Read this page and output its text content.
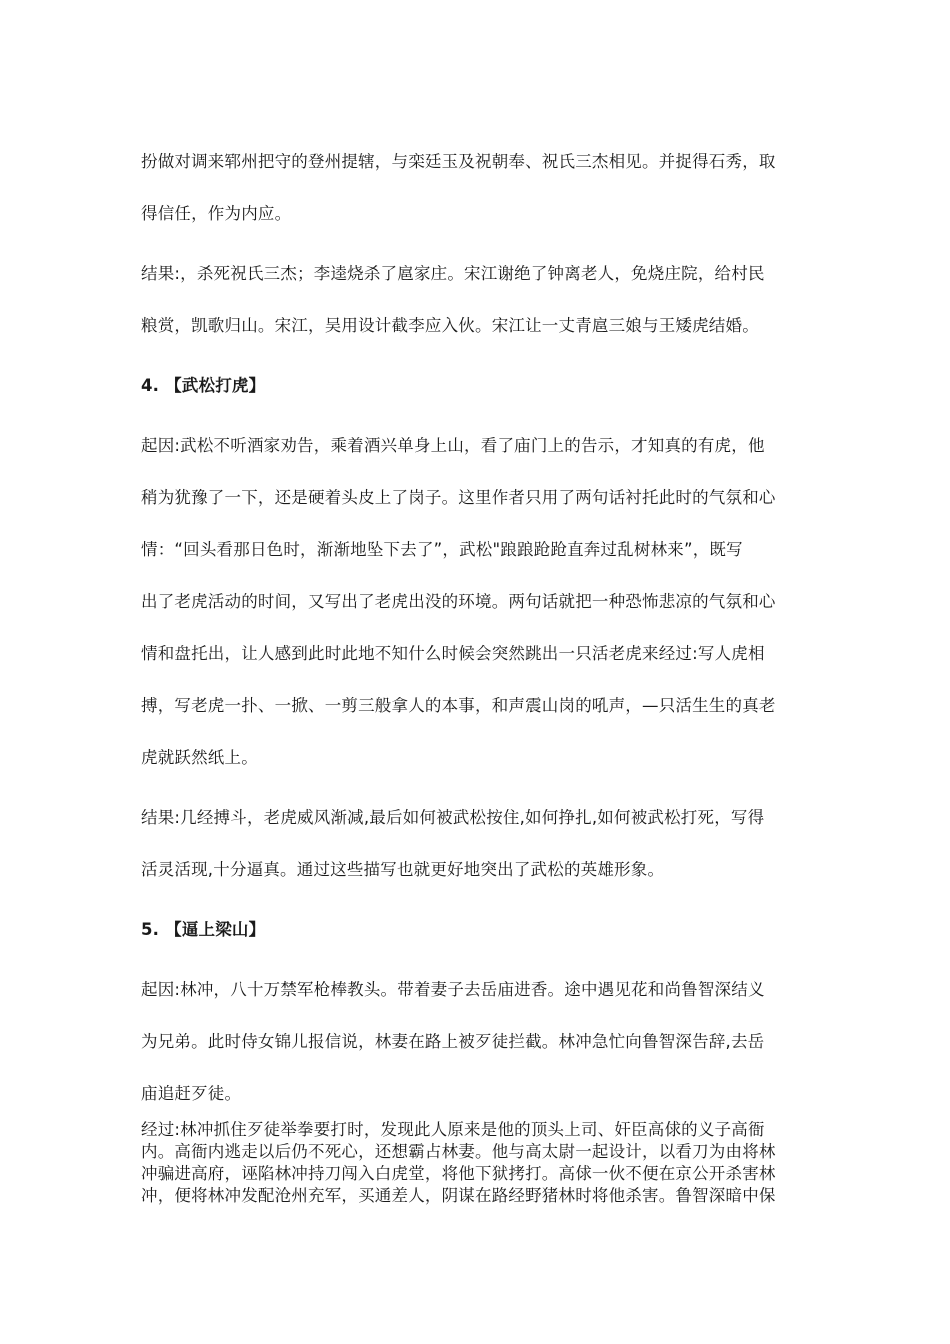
扮做对调来郓州把守的登州提辖，与栾廷玉及祝朝奉、祝氏三杰相见。并捉得石秀，取
得信任，作为内应。
结果:，杀死祝氏三杰；李逵烧杀了扈家庄。宋江谢绝了钟离老人，免烧庄院，给村民
粮赏，凯歌归山。宋江，吴用设计截李应入伙。宋江让一丈青扈三娘与王矮虎结婚。
4. 【武松打虎】
起因:武松不听酒家劝告，乘着酒兴单身上山，看了庙门上的告示，才知真的有虎，他
稍为犹豫了一下，还是硬着头皮上了岗子。这里作者只用了两句话衬托此时的气氛和心
情：“回头看那日色时，渐渐地坠下去了”，武松"踉踉跄跄直奔过乱树林来”，既写
出了老虎活动的时间，又写出了老虎出没的环境。两句话就把一种恐怖悲凉的气氛和心
情和盘托出，让人感到此时此地不知什么时候会突然跳出一只活老虎来经过:写人虎相
搏，写老虎一扑、一掀、一剪三般拿人的本事，和声震山岗的吼声，—只活生生的真老
虎就跃然纸上。
结果:几经搏斗，老虎威风渐减,最后如何被武松按住,如何挣扎,如何被武松打死，写得
活灵活现,十分逼真。通过这些描写也就更好地突出了武松的英雄形象。
5. 【逼上梁山】
起因:林冲，八十万禁军枪棒教头。带着妻子去岳庙进香。途中遇见花和尚鲁智深结义
为兄弟。此时侍女锦儿报信说，林妻在路上被歹徒拦截。林冲急忙向鲁智深告辞,去岳
庙追赶歹徒。
经过:林冲抓住歹徒举拳要打时，发现此人原来是他的顶头上司、奸臣高俅的义子高衙
内。高衙内逃走以后仍不死心，还想霸占林妻。他与高太尉一起设计，以看刀为由将林
冲骗进高府，诬陷林冲持刀闯入白虎堂，将他下狱拷打。高俅一伙不便在京公开杀害林
冲，便将林冲发配沧州充军，买通差人，阴谋在路经野猪林时将他杀害。鲁智深暗中保
